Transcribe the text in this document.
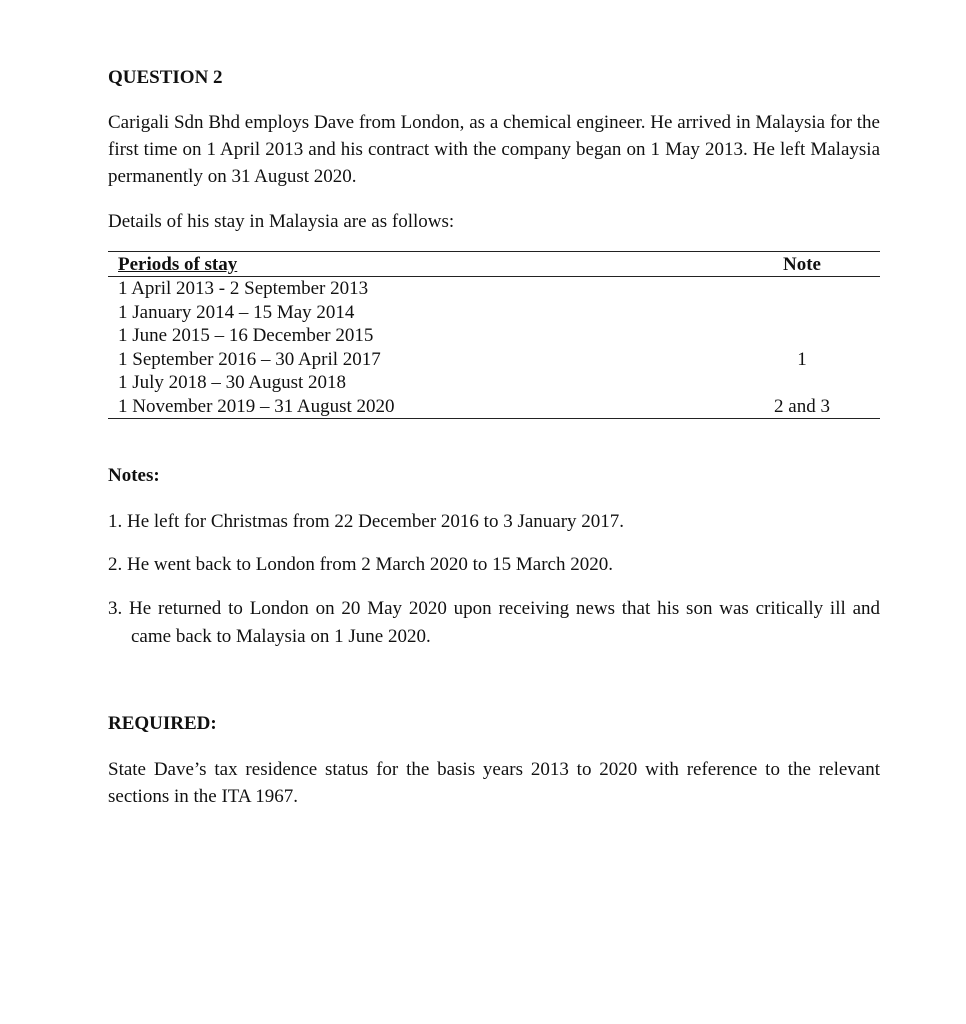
QUESTION 2

Carigali Sdn Bhd employs Dave from London, as a chemical engineer. He arrived in Malaysia for the first time on 1 April 2013 and his contract with the company began on 1 May 2013. He left Malaysia permanently on 31 August 2020.

Details of his stay in Malaysia are as follows:

Periods of stay	Note
1 April 2013 - 2 September 2013
1 January 2014 – 15 May 2014
1 June 2015 – 16 December 2015
1 September 2016 – 30 April 2017	1
1 July 2018 – 30 August 2018
1 November 2019 – 31 August 2020	2 and 3
Notes:

1. He left for Christmas from 22 December 2016 to 3 January 2017.

2. He went back to London from 2 March 2020 to 15 March 2020.

3. He returned to London on 20 May 2020 upon receiving news that his son was critically ill and came back to Malaysia on 1 June 2020.

REQUIRED:

State Dave’s tax residence status for the basis years 2013 to 2020 with reference to the relevant sections in the ITA 1967.
